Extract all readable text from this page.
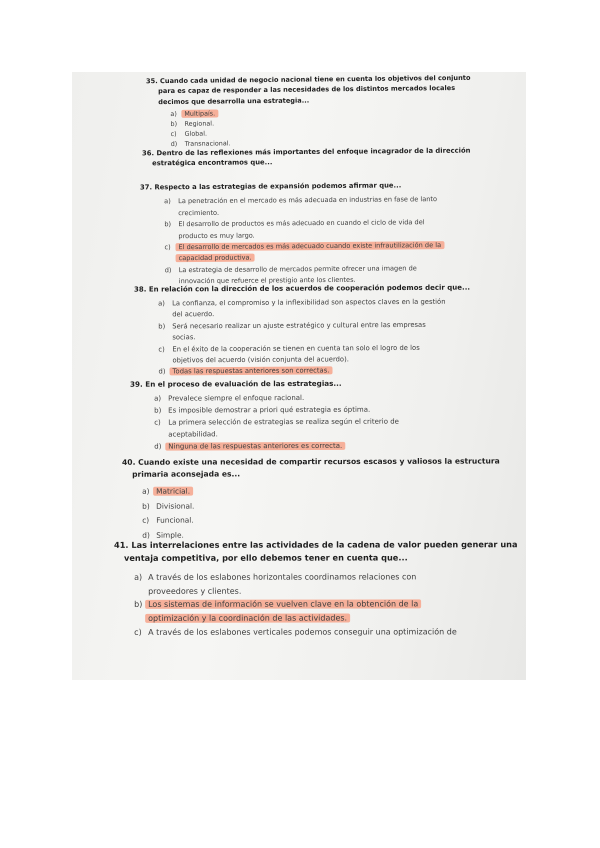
35. Cuando cada unidad de negocio nacional tiene en cuenta los objetivos del conjunto
para es capaz de responder a las necesidades de los distintos mercados locales
decimos que desarrolla una estrategia...
a) Multipaís.
b) Regional.
c) Global.
d) Transnacional.
36. Dentro de las reflexiones más importantes del enfoque incagrador de la dirección
estratégica encontramos que...
37. Respecto a las estrategias de expansión podemos afirmar que...
a) La penetración en el mercado es más adecuada en industrias en fase de lanto
crecimiento.
b) El desarrollo de productos es más adecuado en cuando el ciclo de vida del
producto es muy largo.
c) El desarrollo de mercados es más adecuado cuando existe infrautilización de la
capacidad productiva.
d) La estrategia de desarrollo de mercados permite ofrecer una imagen de
innovación que refuerce el prestigio ante los clientes.
38. En relación con la dirección de los acuerdos de cooperación podemos decir que...
a) La confianza, el compromiso y la inflexibilidad son aspectos claves en la gestión
del acuerdo.
b) Será necesario realizar un ajuste estratégico y cultural entre las empresas
socias.
c) En el éxito de la cooperación se tienen en cuenta tan solo el logro de los
objetivos del acuerdo (visión conjunta del acuerdo).
d) Todas las respuestas anteriores son correctas.
39. En el proceso de evaluación de las estrategias...
a) Prevalece siempre el enfoque racional.
b) Es imposible demostrar a priori qué estrategia es óptima.
c) La primera selección de estrategias se realiza según el criterio de
aceptabilidad.
d) Ninguna de las respuestas anteriores es correcta.
40. Cuando existe una necesidad de compartir recursos escasos y valiosos la estructura
primaria aconsejada es...
a) Matricial.
b) Divisional.
c) Funcional.
d) Simple.
41. Las interrelaciones entre las actividades de la cadena de valor pueden generar una
ventaja competitiva, por ello debemos tener en cuenta que...
a) A través de los eslabones horizontales coordinamos relaciones con
proveedores y clientes.
b) Los sistemas de información se vuelven clave en la obtención de la
optimización y la coordinación de las actividades.
c) A través de los eslabones verticales podemos conseguir una optimización de
